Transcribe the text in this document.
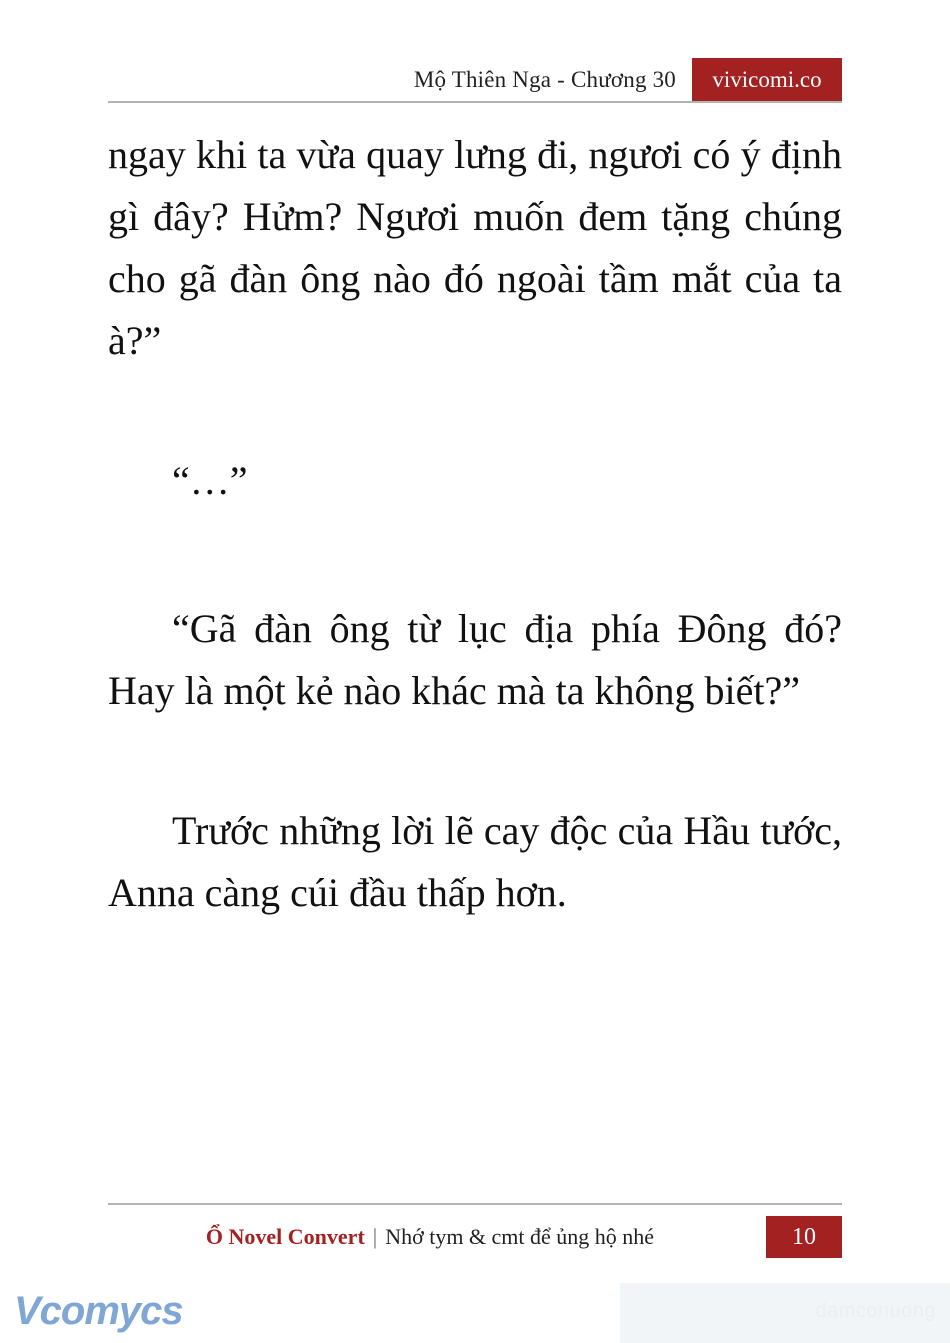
Mộ Thiên Nga - Chương 30	vivicomi.co

ngay khi ta vừa quay lưng đi, ngươi có ý định gì đây? Hửm? Ngươi muốn đem tặng chúng cho gã đàn ông nào đó ngoài tầm mắt của ta à?”

“…”

“Gã đàn ông từ lục địa phía Đông đó? Hay là một kẻ nào khác mà ta không biết?”

Trước những lời lẽ cay độc của Hầu tước, Anna càng cúi đầu thấp hơn.

Ổ Novel Convert | Nhớ tym & cmt để ủng hộ nhé	10
Vcomycs	damconuong
